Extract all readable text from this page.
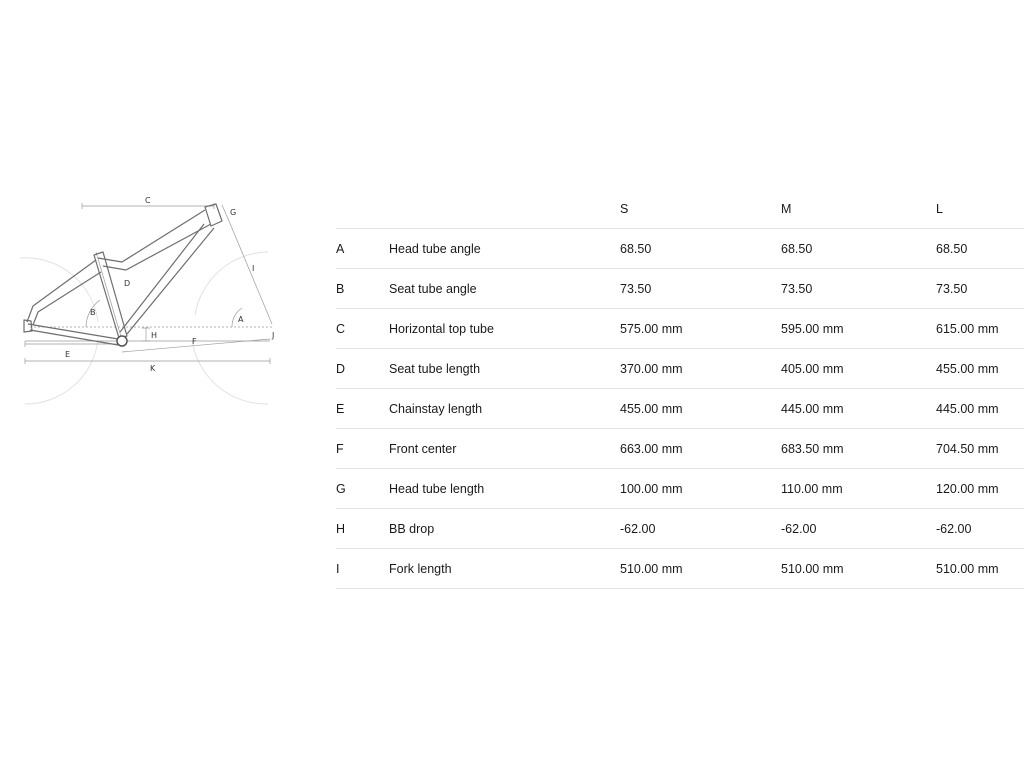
C
G
I
D
B
A
H	J
F
E
K
S	M	L
A	Head tube angle	68.50	68.50	68.50
B	Seat tube angle	73.50	73.50	73.50
C	Horizontal top tube	575.00 mm	595.00 mm	615.00 mm
D	Seat tube length	370.00 mm	405.00 mm	455.00 mm
E	Chainstay length	455.00 mm	445.00 mm	445.00 mm
F	Front center	663.00 mm	683.50 mm	704.50 mm
G	Head tube length	100.00 mm	110.00 mm	120.00 mm
H	BB drop	-62.00	-62.00	-62.00
I	Fork length	510.00 mm	510.00 mm	510.00 mm
